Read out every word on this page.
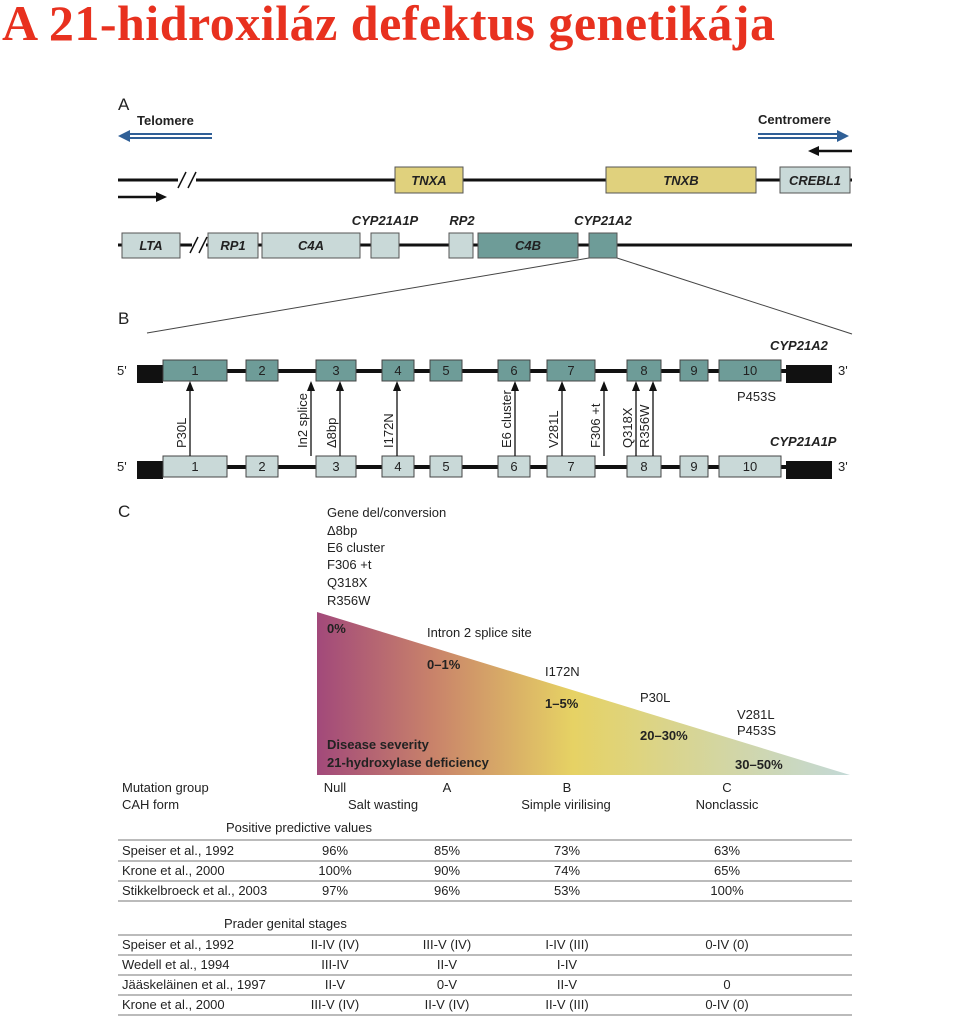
A 21-hidroxiláz defektus genetikája
A
Telomere	Centromere
TNXA	TNXB	CREBL1
LTA	RP1	C4A
CYP21A1P RP2
C4B
CYP21A2
B
CYP21A2
CYP21A1P
5'	3'
1	2	3	4	5	6	7	8	9	10
P453S
5'	3'
1	2	3	4	5	6	7	8	9	10
P30L	In2 splice Δ8bp	I172N	E6 cluster V281L F306 +t Q318X R356W
C	Gene del/conversion
Δ8bp
E6 cluster
F306 +t
Q318X
R356W
Intron 2 splice site
I172N
P30L
V281L
P453S
0%
0–1%
1–5%
20–30%
30–50%
Disease severity
21-hydroxylase deficiency
Mutation group	Null	A	B	C
CAH form	Salt wasting	Simple virilising	Nonclassic
Positive predictive values
Speiser et al., 1992	96%	85%	73%	63%
Krone et al., 2000	100%	90%	74%	65%
Stikkelbroeck et al., 2003	97%	96%	53%	100%
Prader genital stages
Speiser et al., 1992	II-IV (IV)	III-V (IV)	I-IV (III)	0-IV (0)
Wedell et al., 1994	III-IV	II-V	I-IV
Jääskeläinen et al., 1997	II-V	0-V	II-V	0
Krone et al., 2000	III-V (IV)	II-V (IV)	II-V (III)	0-IV (0)
